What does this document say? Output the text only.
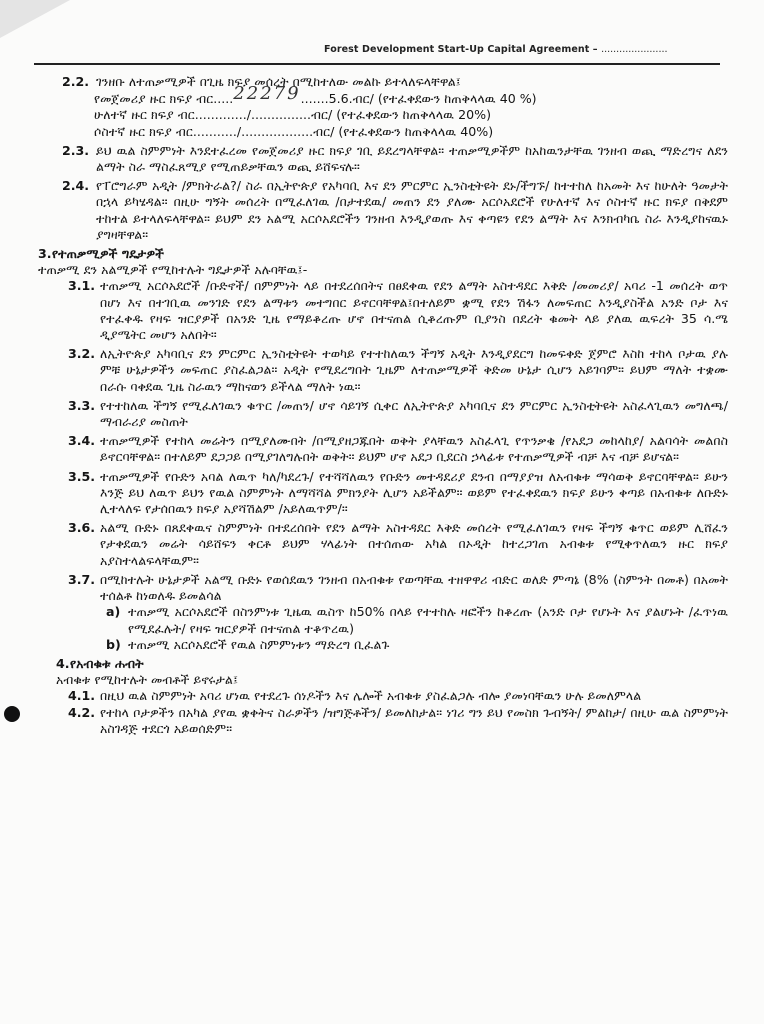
Forest Development Start-Up Capital Agreement – ......................
2.2. ገንዘቡ ለተጠቃሚዎች በጊዜ ክፍያ መሰረት በሚከተለው መልኩ ይተላለፍላቸዋል፤
የመጀመሪያ ዙር ክፍያ ብር.....22279.......5.6.ብር/ (የተፈቀደውን ከጠቅላላዉ 40 %)
ሁለተኛ ዙር ክፍያ ብር............./...............ብር/ (የተፈቀደውን ከጠቅላላዉ 20%)
ሶስተኛ ዙር ክፍያ ብር.........../..................ብር/ (የተፈቀደውን ከጠቅላላዉ 40%)
2.3. ይህ ዉል ስምምነት እንደተፈረመ የመጀመሪያ ዙር ክፍያ ገቢ ይደረግላቸዋል። ተጠቃሚዎችም ከአከዉንታቸዉ ገንዘብ ወጪ ማድረግና ለደን ልማት ስራ ማስፈጸሚያ የሚጠይቃቸዉን ወጪ ይሸፍናሉ።
2.4. የፐሮግራም አዲት /ምክትራል?/ ስራ በኢትዮጵያ የአካባቢ እና ደን ምርምር ኢንስቲትዩት ደኑ/ችግኙ/ ከተተከለ ከአመት እና ከሁለት ዓመታት በኋላ ይካሄዳል። በዚሁ ግኝት መሰረት በሚፈለገዉ /በታተደዉ/ መጠን ደን ያለሙ አርሶአደሮች የሁለተኛ እና ሶስተኛ ዙር ክፍያ በቅደም ተከተል ይተላለፍላቸዋል። ይህም ደን አልሚ አርሶአደሮችን ገንዘብ እንዲያወጡ እና ቀጣዩን የደን ልማት እና እንክብካቤ ስራ እንዲያከናዉኑ ያግዛቸዋል።
3. የተጠቃሚዎች ግዴታዎች
ተጠቃሚ ደን አልሚዎች የሚከተሉት ግዴታዎች አሉባቸዉ፤-
3.1. ተጠቃሚ አርሶአደሮች /ቡድኖች/ በምምነት ላይ በተደረሰበትና በፀደቀዉ የደን ልማት አስተዳደር እቅድ /መመሪያ/ አባሪ -1 መሰረት ወጥ በሆነ እና በተገቢዉ መንገድ የደን ልማቱን መተግበር ይኖርባቸዋል፤በተለይም ቋሚ የደን ሽፋን ለመፍጠር እንዲያስችል አንድ ቦታ እና የተፈቀዱ የዛፍ ዝርያዎች በአንድ ጊዜ የማይቆረጡ ሆኖ በተናጠል ሲቆረጡም ቢያንስ በደረት ቁመት ላይ ያለዉ ዉፍረት 35 ሳ.ሜ ዲያሜትር መሆን አለበት።
3.2. ለኢትዮጵያ አካባቢና ደን ምርምር ኢንስቲትዩት ተወካይ የተተከለዉን ችግኝ አዲት እንዲያደርግ ከመፍቀድ ጀምሮ እስከ ተከላ ቦታዉ ያሉ ምቹ ሁኔታዎችን መፍጠር ያስፈልጋል። አዲት የሚደረግበት ጊዜም ለተጠቃሚዎች ቅድመ ሁኔታ ሲሆን አይገባም። ይህም ማለት ተቋሙ በራሱ ባቀደዉ ጊዜ ስራዉን ማከናወን ይችላል ማለት ነዉ።
3.3. የተተከለዉ ችግኝ የሚፈለገዉን ቁጥር /መጠን/ ሆኖ ሳይገኝ ሲቀር ለኢትዮጵያ አካባቢና ደን ምርምር ኢንስቲትዩት አስፈላጊዉን መግለጫ/ማብራሪያ መስጠት
3.4. ተጠቃሚዎች የተከላ መሬትን በሚያለሙበት /በሚያዘጋጁበት ወቅት ያላቸዉን አስፈላጊ የጥንቃቄ /የአደጋ መከላከያ/ አልባሳት መልበስ ይኖርባቸዋል። በተለይም ደጋጋይ በሚያገለግሉበት ወቅት። ይህም ሆኖ አደጋ ቢደርስ ኃላፊቱ የተጠቃሚዎች ብቻ እና ብቻ ይሆናል።
3.5. ተጠቃሚዎች የቡድን አባል ለዉጥ ካለ/ካደረጉ/ የተሻሻለዉን የቡድን መተዳደሪያ ደንብ በማያያዝ ለአብቁቱ ማሳወቅ ይኖርባቸዋል። ይሁን እንጅ ይህ ለዉጥ ይህን የዉል ስምምነት ለማሻሻል ምክንያት ሊሆን አይችልም። ወይም የተፈቀደዉን ክፍያ ይሁን ቀጣይ በአብቁቱ ለቡድኑ ሊተላለፍ የታሰበዉን ክፍያ አያሻሽልም /አይለዉጥም/።
3.6. አልሚ ቡድኑ በጸደቀዉና ስምምነት በተደረሰበት የደን ልማት አስተዳደር እቅድ መሰረት የሚፈለገዉን የዛፍ ችግኝ ቁጥር ወይም ሊሸፈን የታቀደዉን መሬት ሳይሸፍን ቀርቶ ይህም ሃላፊነት በተሰጠው አካል በኦዲት ከተረጋገጠ አብቁቱ የሚቀጥለዉን ዙር ክፍያ አያስተላልፍላቸዉም።
3.7. በሚከተሉት ሁኔታዎች አልሚ ቡድኑ የወሰደዉን ገንዘብ በአብቁቱ የወጣቸዉ ተዘዋዋሪ ብድር ወለድ ምጣኔ (8% (ስምንት በመቶ) በአመት ተሰልቶ ከነወለዱ ይመልሳል
a) ተጠቃሚ አርሶአደሮች በስንምነቱ ጊዜዉ ዉስጥ ከ50% በላይ የተተከሉ ዛፎችን ከቆረጡ (አንድ ቦታ የሆኑት እና ያልሆኑት /ፈጥነዉ የሚደፈሉት/ የዛፍ ዝርያዎች በተናጠል ተቆጥረዉ)
b) ተጠቃሚ አርሶአደሮች የዉል ስምምነቱን ማድረግ ቢፈልጉ
4. የአብቁቱ ሐብት
አብቁቱ የሚከተሉት መብቶች ይኖሩታል፤
4.1. በዚህ ዉል ስምምነት አባሪ ሆነዉ የተደረጉ ሰነዶችን እና ሌሎች አብቁቱ ያስፈልጋሉ ብሎ ያመነባቸዉን ሁሉ ይመለምላል
4.2. የተከላ ቦታዎችን በአካል ያየዉ ቋቀትና ስራዎችን /ዝግጅቶችን/ ይመለከታል። ነገሪ ግን ይህ የመስክ ጉብኝት/ ምልከታ/ በዚሁ ዉል ስምምነት አስገዳጅ ተደርጎ አይወሰድም።
